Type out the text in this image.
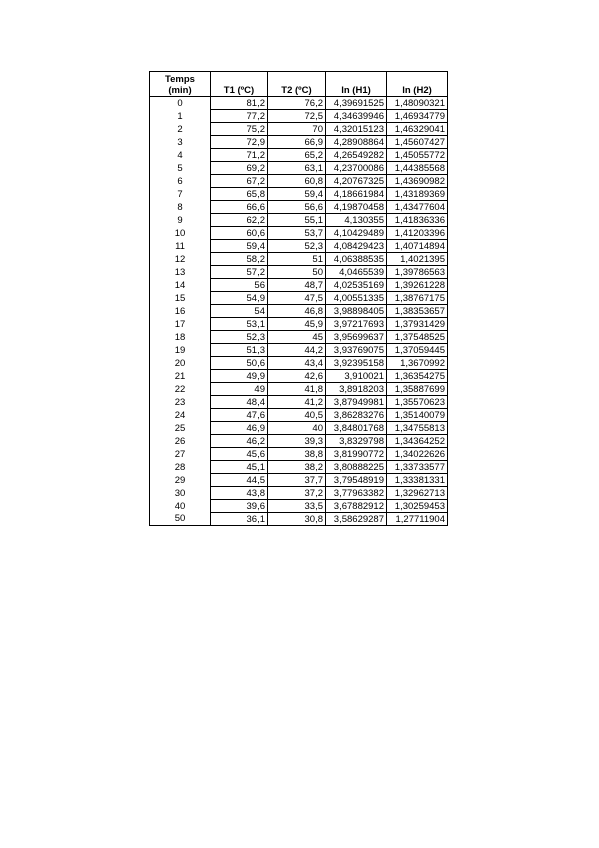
Temps
(min)	T1 (ºC)	T2 (ºC)	ln (H1)	ln (H2)
0	81,2	76,2	4,39691525	1,48090321
1	77,2	72,5	4,34639946	1,46934779
2	75,2	70	4,32015123	1,46329041
3	72,9	66,9	4,28908864	1,45607427
4	71,2	65,2	4,26549282	1,45055772
5	69,2	63,1	4,23700086	1,44385568
6	67,2	60,8	4,20767325	1,43690982
7	65,8	59,4	4,18661984	1,43189369
8	66,6	56,6	4,19870458	1,43477604
9	62,2	55,1	4,130355	1,41836336
10	60,6	53,7	4,10429489	1,41203396
11	59,4	52,3	4,08429423	1,40714894
12	58,2	51	4,06388535	1,4021395
13	57,2	50	4,0465539	1,39786563
14	56	48,7	4,02535169	1,39261228
15	54,9	47,5	4,00551335	1,38767175
16	54	46,8	3,98898405	1,38353657
17	53,1	45,9	3,97217693	1,37931429
18	52,3	45	3,95699637	1,37548525
19	51,3	44,2	3,93769075	1,37059445
20	50,6	43,4	3,92395158	1,3670992
21	49,9	42,6	3,910021	1,36354275
22	49	41,8	3,8918203	1,35887699
23	48,4	41,2	3,87949981	1,35570623
24	47,6	40,5	3,86283276	1,35140079
25	46,9	40	3,84801768	1,34755813
26	46,2	39,3	3,8329798	1,34364252
27	45,6	38,8	3,81990772	1,34022626
28	45,1	38,2	3,80888225	1,33733577
29	44,5	37,7	3,79548919	1,33381331
30	43,8	37,2	3,77963382	1,32962713
40	39,6	33,5	3,67882912	1,30259453
50	36,1	30,8	3,58629287	1,27711904
